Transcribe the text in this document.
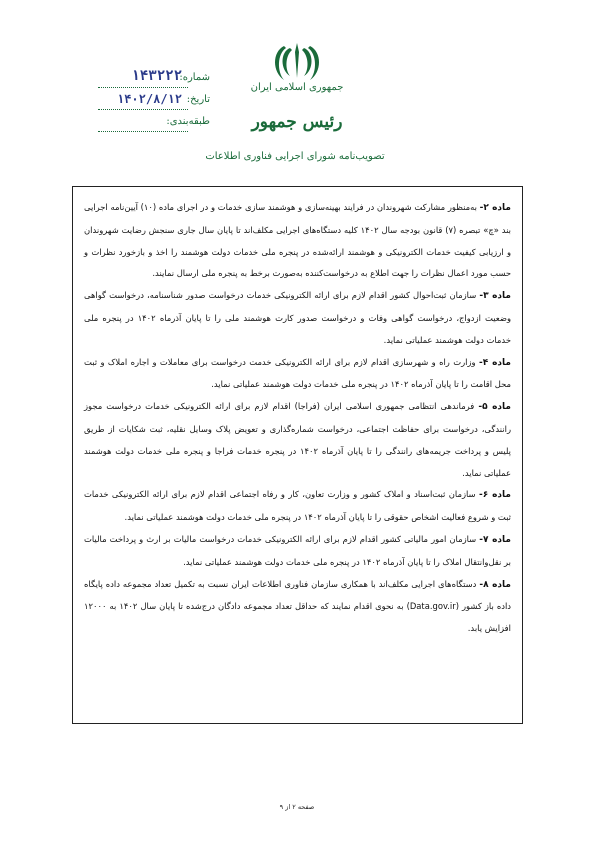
جمهوری اسلامی ایران
رئیس جمهور
تصویب‌نامه شورای اجرایی فناوری اطلاعات
شماره:
۱۴۳۲۲۲
تاریخ:
۱۴۰۲/۸/۱۲
طبقه‌بندی:

ماده ۲- به‌منظور مشارکت شهروندان در فرایند بهینه‌سازی و هوشمند سازی خدمات و در اجرای ماده (۱۰) آیین‌نامه اجرایی بند «چ» تبصره (۷) قانون بودجه سال ۱۴۰۲ کلیه دستگاه‌های اجرایی مکلف‌اند تا پایان سال جاری سنجش رضایت شهروندان و ارزیابی کیفیت خدمات الکترونیکی و هوشمند ارائه‌شده در پنجره ملی خدمات دولت هوشمند را اخذ و بازخورد نظرات و حسب مورد اعمال نظرات را جهت اطلاع به درخواست‌کننده به‌صورت برخط به پنجره ملی ارسال نمایند.

ماده ۳- سازمان ثبت‌احوال کشور اقدام لازم برای ارائه الکترونیکی خدمات درخواست صدور شناسنامه، درخواست گواهی وضعیت ازدواج، درخواست گواهی وفات و درخواست صدور کارت هوشمند ملی را تا پایان آذرماه ۱۴۰۲ در پنجره ملی خدمات دولت هوشمند عملیاتی نماید.

ماده ۴- وزارت راه و شهرسازی اقدام لازم برای ارائه الکترونیکی خدمت درخواست برای معاملات و اجاره املاک و ثبت محل اقامت را تا پایان آذرماه ۱۴۰۲ در پنجره ملی خدمات دولت هوشمند عملیاتی نماید.

ماده ۵- فرماندهی انتظامی جمهوری اسلامی ایران (فراجا) اقدام لازم برای ارائه الکترونیکی خدمات درخواست مجوز رانندگی، درخواست برای حفاظت اجتماعی، درخواست شماره‌گذاری و تعویض پلاک وسایل نقلیه، ثبت شکایات از طریق پلیس و پرداخت جریمه‌های رانندگی را تا پایان آذرماه ۱۴۰۲ در پنجره خدمات فراجا و پنجره ملی خدمات دولت هوشمند عملیاتی نماید.

ماده ۶- سازمان ثبت‌اسناد و املاک کشور و وزارت تعاون، کار و رفاه اجتماعی اقدام لازم برای ارائه الکترونیکی خدمات ثبت و شروع فعالیت اشخاص حقوقی را تا پایان آذرماه ۱۴۰۲ در پنجره ملی خدمات دولت هوشمند عملیاتی نماید.

ماده ۷- سازمان امور مالیاتی کشور اقدام لازم برای ارائه الکترونیکی خدمات درخواست مالیات بر ارث و پرداخت مالیات بر نقل‌وانتقال املاک را تا پایان آذرماه ۱۴۰۲ در پنجره ملی خدمات دولت هوشمند عملیاتی نماید.

ماده ۸- دستگاه‌های اجرایی مکلف‌اند با همکاری سازمان فناوری اطلاعات ایران نسبت به تکمیل تعداد مجموعه داده پایگاه داده باز کشور (Data.gov.ir) به نحوی اقدام نمایند که حداقل تعداد مجموعه دادگان درج‌شده تا پایان سال ۱۴۰۲ به ۱۲۰۰۰ افزایش یابد.

صفحه ۲ از ۹
